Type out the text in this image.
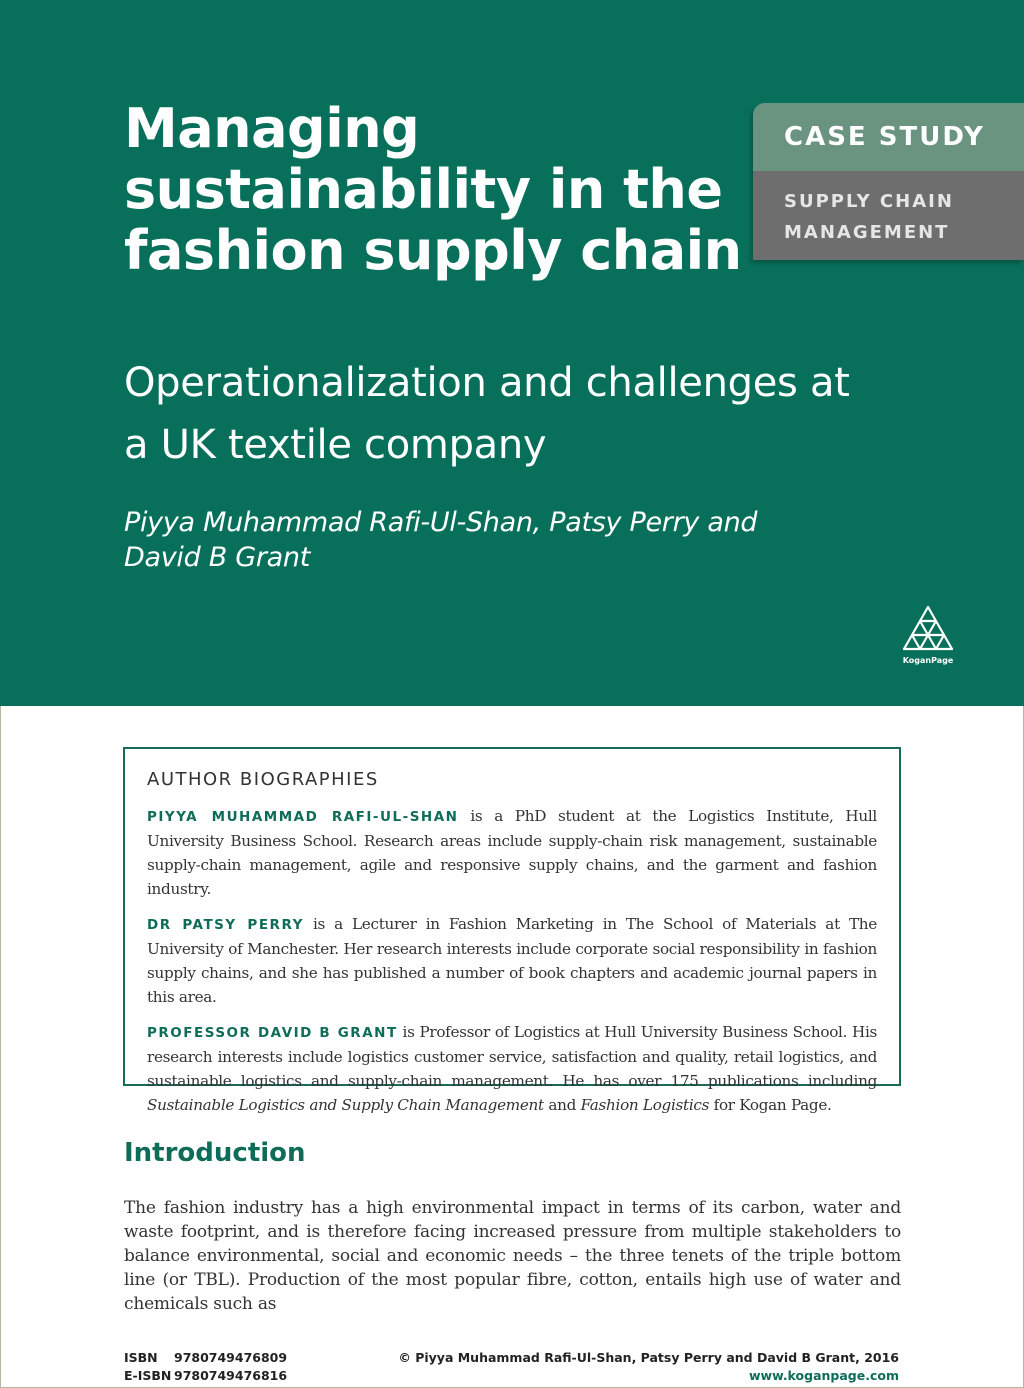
Managing sustainability in the fashion supply chain
Operationalization and challenges at a UK textile company

Piyya Muhammad Rafi-Ul-Shan, Patsy Perry and David B Grant

CASE STUDY
SUPPLY CHAIN
MANAGEMENT
KoganPage
AUTHOR BIOGRAPHIES

PIYYA MUHAMMAD RAFI-UL-SHAN is a PhD student at the Logistics Institute, Hull University Business School. Research areas include supply-chain risk management, sustainable supply-chain management, agile and responsive supply chains, and the garment and fashion industry.

DR PATSY PERRY is a Lecturer in Fashion Marketing in The School of Materials at The University of Manchester. Her research interests include corporate social responsibility in fashion supply chains, and she has published a number of book chapters and academic journal papers in this area.

PROFESSOR DAVID B GRANT is Professor of Logistics at Hull University Business School. His research interests include logistics customer service, satisfaction and quality, retail logistics, and sustainable logistics and supply-chain management. He has over 175 publications including Sustainable Logistics and Supply Chain Management and Fashion Logistics for Kogan Page.

Introduction

The fashion industry has a high environmental impact in terms of its carbon, water and waste footprint, and is therefore facing increased pressure from multiple stakeholders to balance environmental, social and economic needs – the three tenets of the triple bottom line (or TBL). Production of the most popular fibre, cotton, entails high use of water and chemicals such as

ISBN 9780749476809
E-ISBN 9780749476816
© Piyya Muhammad Rafi-Ul-Shan, Patsy Perry and David B Grant, 2016
www.koganpage.com
